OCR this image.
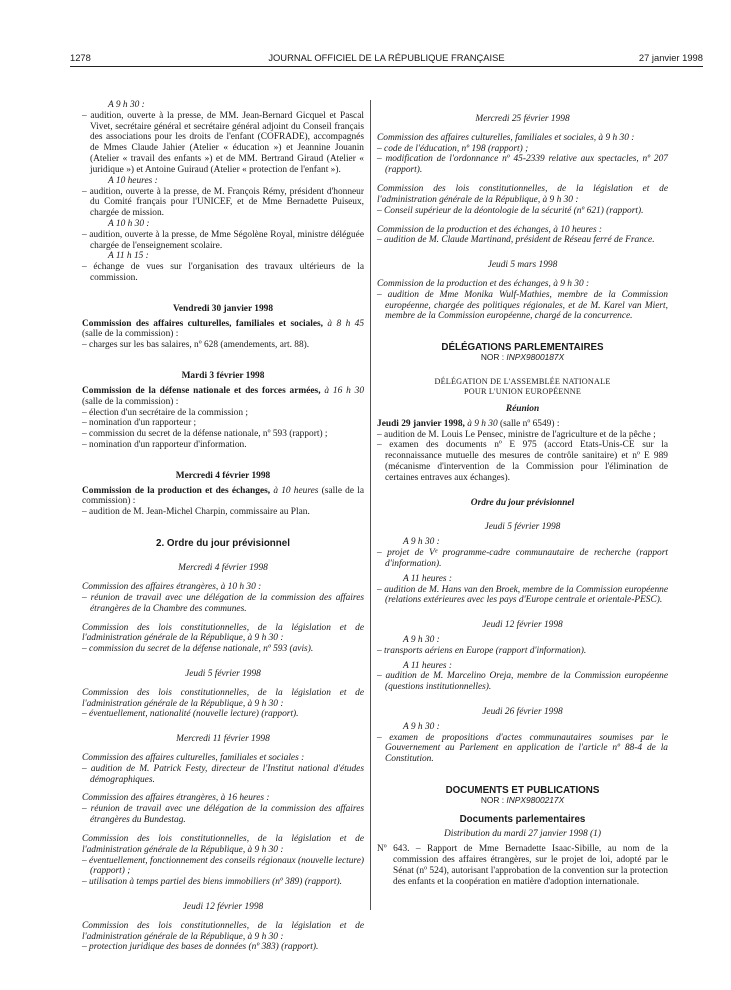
1278	JOURNAL OFFICIEL DE LA RÉPUBLIQUE FRANÇAISE	27 janvier 1998

A 9 h 30 :

– audition, ouverte à la presse, de MM. Jean-Bernard Gicquel et Pascal Vivet, secrétaire général et secrétaire général adjoint du Conseil français des associations pour les droits de l'enfant (COFRADE), accompagnés de Mmes Claude Jahier (Atelier « éducation ») et Jeannine Jouanin (Atelier « travail des enfants ») et de MM. Bertrand Giraud (Atelier « juridique ») et Antoine Guiraud (Atelier « protection de l'enfant »).

A 10 heures :

– audition, ouverte à la presse, de M. François Rémy, président d'honneur du Comité français pour l'UNICEF, et de Mme Bernadette Puiseux, chargée de mission.

A 10 h 30 :

– audition, ouverte à la presse, de Mme Ségolène Royal, ministre déléguée chargée de l'enseignement scolaire.

A 11 h 15 :

– échange de vues sur l'organisation des travaux ultérieurs de la commission.

Vendredi 30 janvier 1998

Commission des affaires culturelles, familiales et sociales, à 8 h 45 (salle de la commission) :

– charges sur les bas salaires, nº 628 (amendements, art. 88).

Mardi 3 février 1998

Commission de la défense nationale et des forces armées, à 16 h 30 (salle de la commission) :

– élection d'un secrétaire de la commission ;

– nomination d'un rapporteur ;

– commission du secret de la défense nationale, nº 593 (rapport) ;

– nomination d'un rapporteur d'information.

Mercredi 4 février 1998

Commission de la production et des échanges, à 10 heures (salle de la commission) :

– audition de M. Jean-Michel Charpin, commissaire au Plan.

2. Ordre du jour prévisionnel

Mercredi 4 février 1998

Commission des affaires étrangères, à 10 h 30 :

– réunion de travail avec une délégation de la commission des affaires étrangères de la Chambre des communes.

Commission des lois constitutionnelles, de la législation et de l'administration générale de la République, à 9 h 30 :

– commission du secret de la défense nationale, nº 593 (avis).

Jeudi 5 février 1998

Commission des lois constitutionnelles, de la législation et de l'administration générale de la République, à 9 h 30 :

– éventuellement, nationalité (nouvelle lecture) (rapport).

Mercredi 11 février 1998

Commission des affaires culturelles, familiales et sociales :

– audition de M. Patrick Festy, directeur de l'Institut national d'études démographiques.

Commission des affaires étrangères, à 16 heures :

– réunion de travail avec une délégation de la commission des affaires étrangères du Bundestag.

Commission des lois constitutionnelles, de la législation et de l'administration générale de la République, à 9 h 30 :

– éventuellement, fonctionnement des conseils régionaux (nouvelle lecture) (rapport) ;

– utilisation à temps partiel des biens immobiliers (nº 389) (rapport).

Jeudi 12 février 1998

Commission des lois constitutionnelles, de la législation et de l'administration générale de la République, à 9 h 30 :

– protection juridique des bases de données (nº 383) (rapport).

Mercredi 25 février 1998

Commission des affaires culturelles, familiales et sociales, à 9 h 30 :

– code de l'éducation, nº 198 (rapport) ;

– modification de l'ordonnance nº 45-2339 relative aux spectacles, nº 207 (rapport).

Commission des lois constitutionnelles, de la législation et de l'administration générale de la République, à 9 h 30 :

– Conseil supérieur de la déontologie de la sécurité (nº 621) (rapport).

Commission de la production et des échanges, à 10 heures :

– audition de M. Claude Martinand, président de Réseau ferré de France.

Jeudi 5 mars 1998

Commission de la production et des échanges, à 9 h 30 :

– audition de Mme Monika Wulf-Mathies, membre de la Commission européenne, chargée des politiques régionales, et de M. Karel van Miert, membre de la Commission européenne, chargé de la concurrence.

DÉLÉGATIONS PARLEMENTAIRES

NOR : INPX9800187X

DÉLÉGATION DE L'ASSEMBLÉE NATIONALE

POUR L'UNION EUROPÉENNE

Réunion

Jeudi 29 janvier 1998, à 9 h 30 (salle nº 6549) :

– audition de M. Louis Le Pensec, ministre de l'agriculture et de la pêche ;

– examen des documents nº E 975 (accord Etats-Unis-CE sur la reconnaissance mutuelle des mesures de contrôle sanitaire) et nº E 989 (mécanisme d'intervention de la Commission pour l'élimination de certaines entraves aux échanges).

Ordre du jour prévisionnel

Jeudi 5 février 1998

A 9 h 30 :

– projet de Vᵉ programme-cadre communautaire de recherche (rapport d'information).

A 11 heures :

– audition de M. Hans van den Broek, membre de la Commission européenne (relations extérieures avec les pays d'Europe centrale et orientale-PESC).

Jeudi 12 février 1998

A 9 h 30 :

– transports aériens en Europe (rapport d'information).

A 11 heures :

– audition de M. Marcelino Oreja, membre de la Commission européenne (questions institutionnelles).

Jeudi 26 février 1998

A 9 h 30 :

– examen de propositions d'actes communautaires soumises par le Gouvernement au Parlement en application de l'article nº 88-4 de la Constitution.

DOCUMENTS ET PUBLICATIONS

NOR : INPX9800217X

Documents parlementaires

Distribution du mardi 27 janvier 1998 (1)

Nº 643. – Rapport de Mme Bernadette Isaac-Sibille, au nom de la commission des affaires étrangères, sur le projet de loi, adopté par le Sénat (nº 524), autorisant l'approbation de la convention sur la protection des enfants et la coopération en matière d'adoption internationale.
